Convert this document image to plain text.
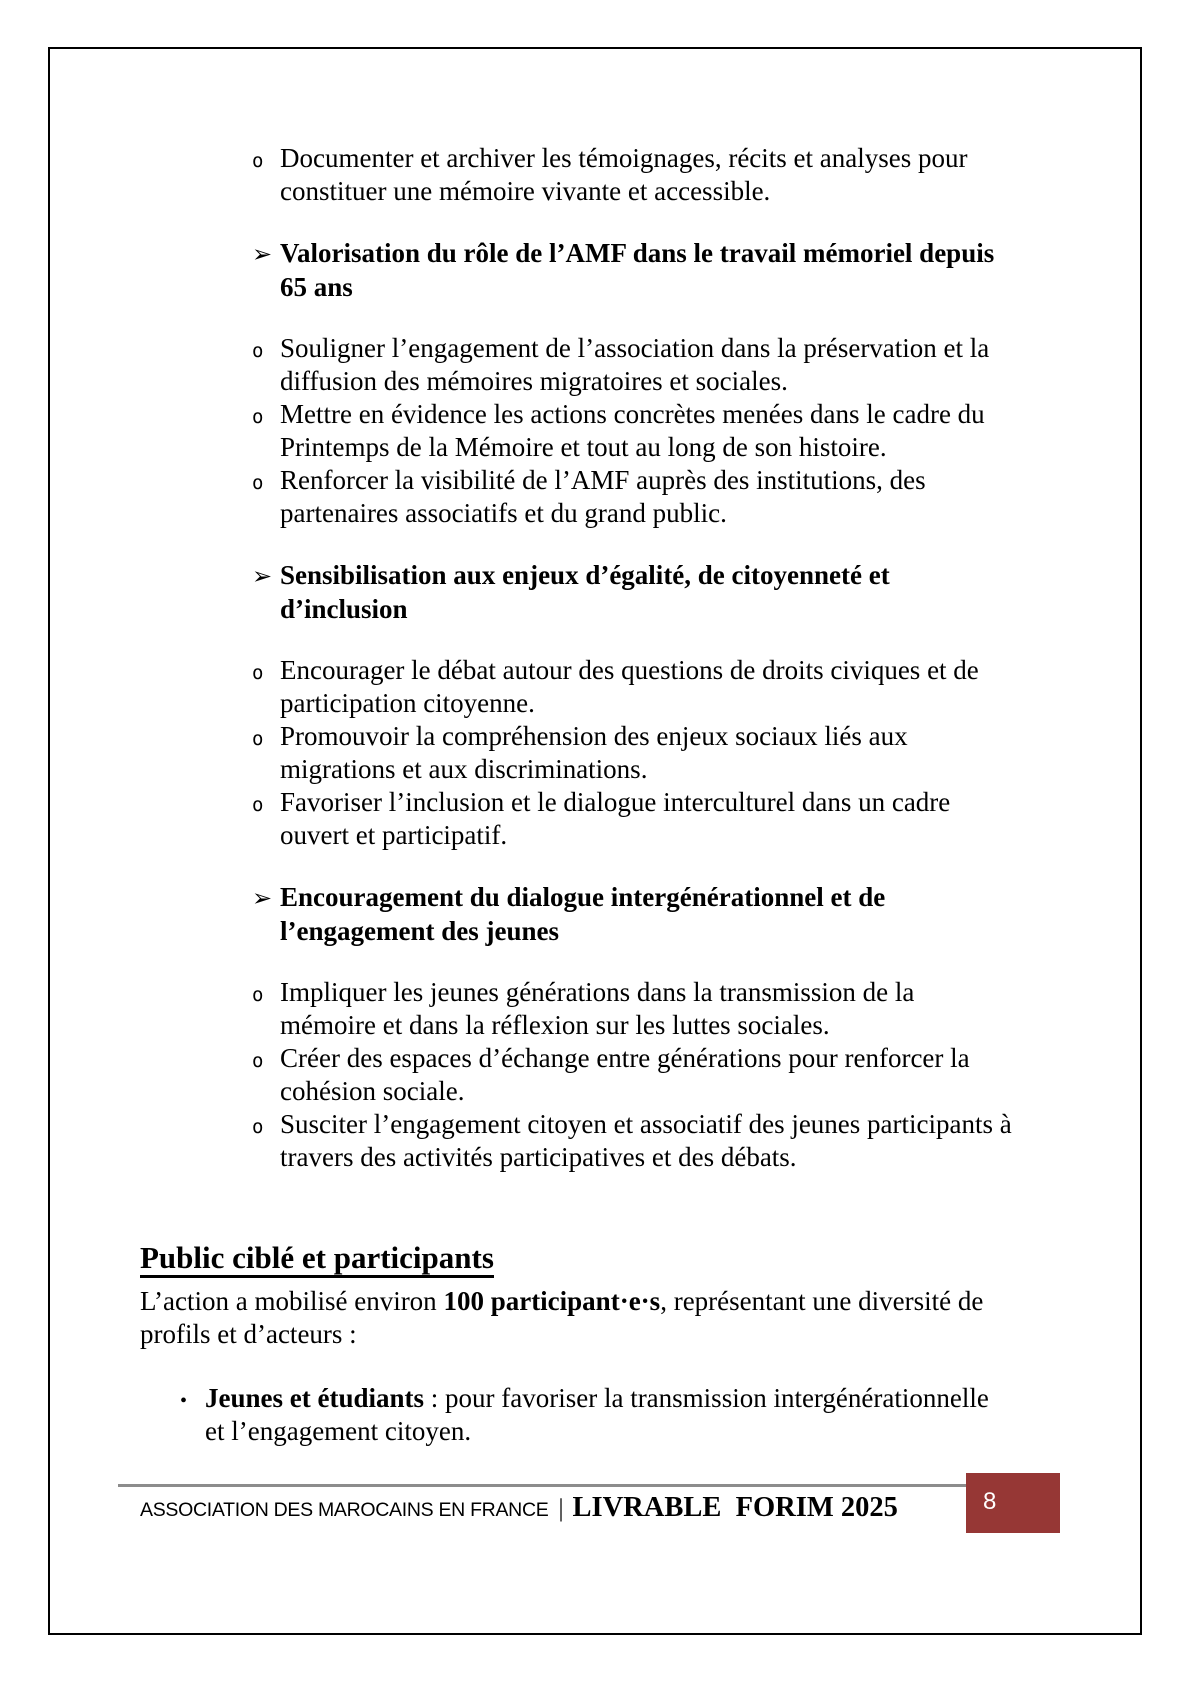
o Documenter et archiver les témoignages, récits et analyses pour
constituer une mémoire vivante et accessible.
➢ Valorisation du rôle de l’AMF dans le travail mémoriel depuis
65 ans
o Souligner l’engagement de l’association dans la préservation et la
diffusion des mémoires migratoires et sociales.
o Mettre en évidence les actions concrètes menées dans le cadre du
Printemps de la Mémoire et tout au long de son histoire.
o Renforcer la visibilité de l’AMF auprès des institutions, des
partenaires associatifs et du grand public.
➢ Sensibilisation aux enjeux d’égalité, de citoyenneté et
d’inclusion
o Encourager le débat autour des questions de droits civiques et de
participation citoyenne.
o Promouvoir la compréhension des enjeux sociaux liés aux
migrations et aux discriminations.
o Favoriser l’inclusion et le dialogue interculturel dans un cadre
ouvert et participatif.
➢ Encouragement du dialogue intergénérationnel et de
l’engagement des jeunes
o Impliquer les jeunes générations dans la transmission de la
mémoire et dans la réflexion sur les luttes sociales.
o Créer des espaces d’échange entre générations pour renforcer la
cohésion sociale.
o Susciter l’engagement citoyen et associatif des jeunes participants à
travers des activités participatives et des débats.
Public ciblé et participants
L’action a mobilisé environ 100 participant·e·s, représentant une diversité de
profils et d’acteurs :
• Jeunes et étudiants : pour favoriser la transmission intergénérationnelle
et l’engagement citoyen.
ASSOCIATION DES MAROCAINS EN FRANCE | LIVRABLE  FORIM 2025	8
